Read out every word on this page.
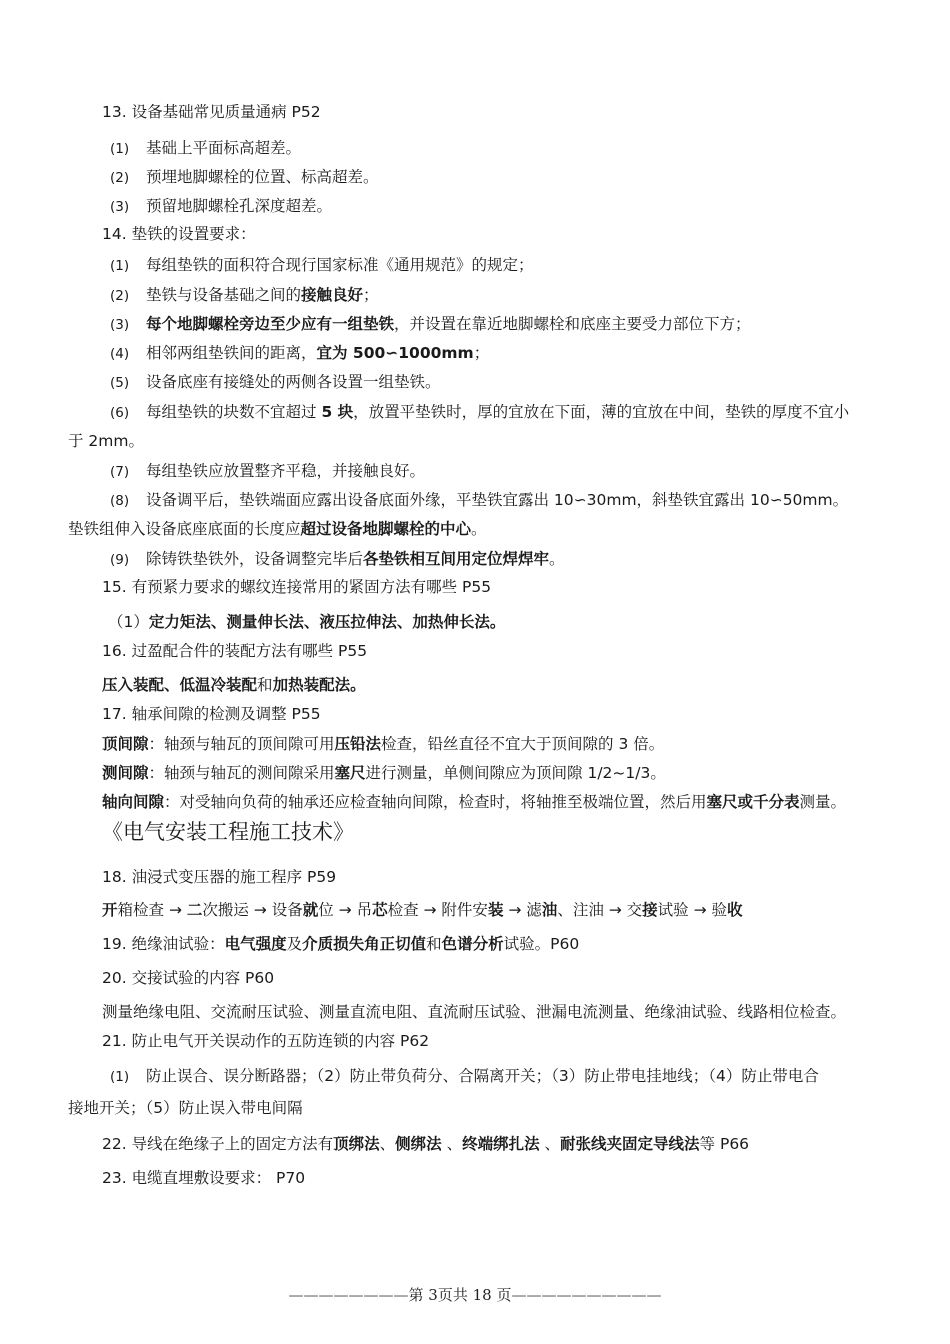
13. 设备基础常见质量通病 P52
(1) 基础上平面标高超差。
(2) 预埋地脚螺栓的位置、标高超差。
(3) 预留地脚螺栓孔深度超差。
14. 垫铁的设置要求：
(1) 每组垫铁的面积符合现行国家标准《通用规范》的规定；
(2) 垫铁与设备基础之间的接触良好；
(3) 每个地脚螺栓旁边至少应有一组垫铁，并设置在靠近地脚螺栓和底座主要受力部位下方；
(4) 相邻两组垫铁间的距离，宜为 500∽1000mm；
(5) 设备底座有接缝处的两侧各设置一组垫铁。
(6) 每组垫铁的块数不宜超过 5 块，放置平垫铁时，厚的宜放在下面，薄的宜放在中间，垫铁的厚度不宜小
于 2mm。
(7) 每组垫铁应放置整齐平稳，并接触良好。
(8) 设备调平后，垫铁端面应露出设备底面外缘，平垫铁宜露出 10∽30mm，斜垫铁宜露出 10∽50mm。
垫铁组伸入设备底座底面的长度应超过设备地脚螺栓的中心。
(9) 除铸铁垫铁外，设备调整完毕后各垫铁相互间用定位焊焊牢。
15. 有预紧力要求的螺纹连接常用的紧固方法有哪些 P55
（1）定力矩法、测量伸长法、液压拉伸法、加热伸长法。
16. 过盈配合件的装配方法有哪些 P55
压入装配、低温冷装配和加热装配法。
17. 轴承间隙的检测及调整 P55
顶间隙：轴颈与轴瓦的顶间隙可用压铅法检查，铅丝直径不宜大于顶间隙的 3 倍。
测间隙：轴颈与轴瓦的测间隙采用塞尺进行测量，单侧间隙应为顶间隙 1/2~1/3。
轴向间隙：对受轴向负荷的轴承还应检查轴向间隙，检查时，将轴推至极端位置，然后用塞尺或千分表测量。
《电气安装工程施工技术》
18. 油浸式变压器的施工程序 P59
开箱检查 → 二次搬运 → 设备就位 → 吊芯检查 → 附件安装 → 滤油、注油 → 交接试验 → 验收
19. 绝缘油试验：电气强度及介质损失角正切值和色谱分析试验。P60
20. 交接试验的内容 P60
测量绝缘电阻、交流耐压试验、测量直流电阻、直流耐压试验、泄漏电流测量、绝缘油试验、线路相位检查。
21. 防止电气开关误动作的五防连锁的内容 P62
(1) 防止误合、误分断路器；（2）防止带负荷分、合隔离开关；（3）防止带电挂地线；（4）防止带电合
接地开关；（5）防止误入带电间隔
22. 导线在绝缘子上的固定方法有顶绑法、侧绑法 、终端绑扎法 、耐张线夹固定导线法等 P66
23. 电缆直埋敷设要求： P70
————————第 3页共 18 页——————————
